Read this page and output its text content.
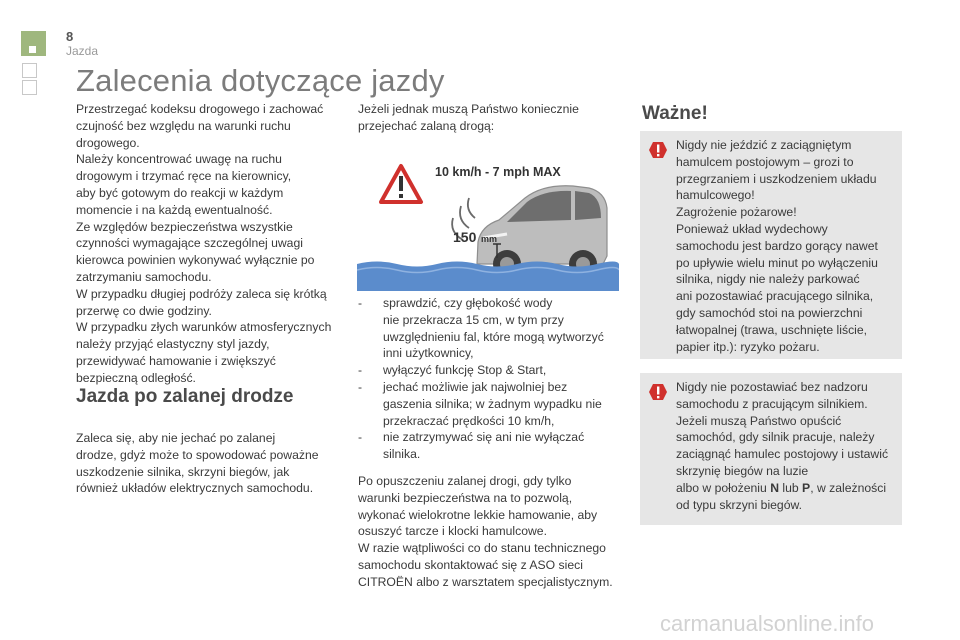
8
Jazda
Zalecenia dotyczące jazdy
Przestrzegać kodeksu drogowego i zachować
czujność bez względu na warunki ruchu
drogowego.
Należy koncentrować uwagę na ruchu
drogowym i trzymać ręce na kierownicy,
aby być gotowym do reakcji w każdym
momencie i na każdą ewentualność.
Ze względów bezpieczeństwa wszystkie
czynności wymagające szczególnej uwagi
kierowca powinien wykonywać wyłącznie po
zatrzymaniu samochodu.
W przypadku długiej podróży zaleca się krótką
przerwę co dwie godziny.
W przypadku złych warunków atmosferycznych
należy przyjąć elastyczny styl jazdy,
przewidywać hamowanie i zwiększyć
bezpieczną odległość.
Jazda po zalanej drodze
Zaleca się, aby nie jechać po zalanej
drodze, gdyż może to spowodować poważne
uszkodzenie silnika, skrzyni biegów, jak
również układów elektrycznych samochodu.
Jeżeli jednak muszą Państwo koniecznie
przejechać zalaną drogą:
10 km/h - 7 mph MAX
150 mm
- sprawdzić, czy głębokość wody
nie przekracza 15 cm, w tym przy
uwzględnieniu fal, które mogą wytworzyć
inni użytkownicy,
- wyłączyć funkcję Stop & Start,
- jechać możliwie jak najwolniej bez
gaszenia silnika; w żadnym wypadku nie
przekraczać prędkości 10 km/h,
- nie zatrzymywać się ani nie wyłączać
silnika.
Po opuszczeniu zalanej drogi, gdy tylko
warunki bezpieczeństwa na to pozwolą,
wykonać wielokrotne lekkie hamowanie, aby
osuszyć tarcze i klocki hamulcowe.
W razie wątpliwości co do stanu technicznego
samochodu skontaktować się z ASO sieci
CITROËN albo z warsztatem specjalistycznym.
Ważne!
Nigdy nie jeździć z zaciągniętym
hamulcem postojowym – grozi to
przegrzaniem i uszkodzeniem układu
hamulcowego!
Zagrożenie pożarowe!
Ponieważ układ wydechowy
samochodu jest bardzo gorący nawet
po upływie wielu minut po wyłączeniu
silnika, nigdy nie należy parkować
ani pozostawiać pracującego silnika,
gdy samochód stoi na powierzchni
łatwopalnej (trawa, uschnięte liście,
papier itp.): ryzyko pożaru.
Nigdy nie pozostawiać bez nadzoru
samochodu z pracującym silnikiem.
Jeżeli muszą Państwo opuścić
samochód, gdy silnik pracuje, należy
zaciągnąć hamulec postojowy i ustawić
skrzynię biegów na luzie
albo w położeniu N lub P, w zależności
od typu skrzyni biegów.
carmanualsonline.info
